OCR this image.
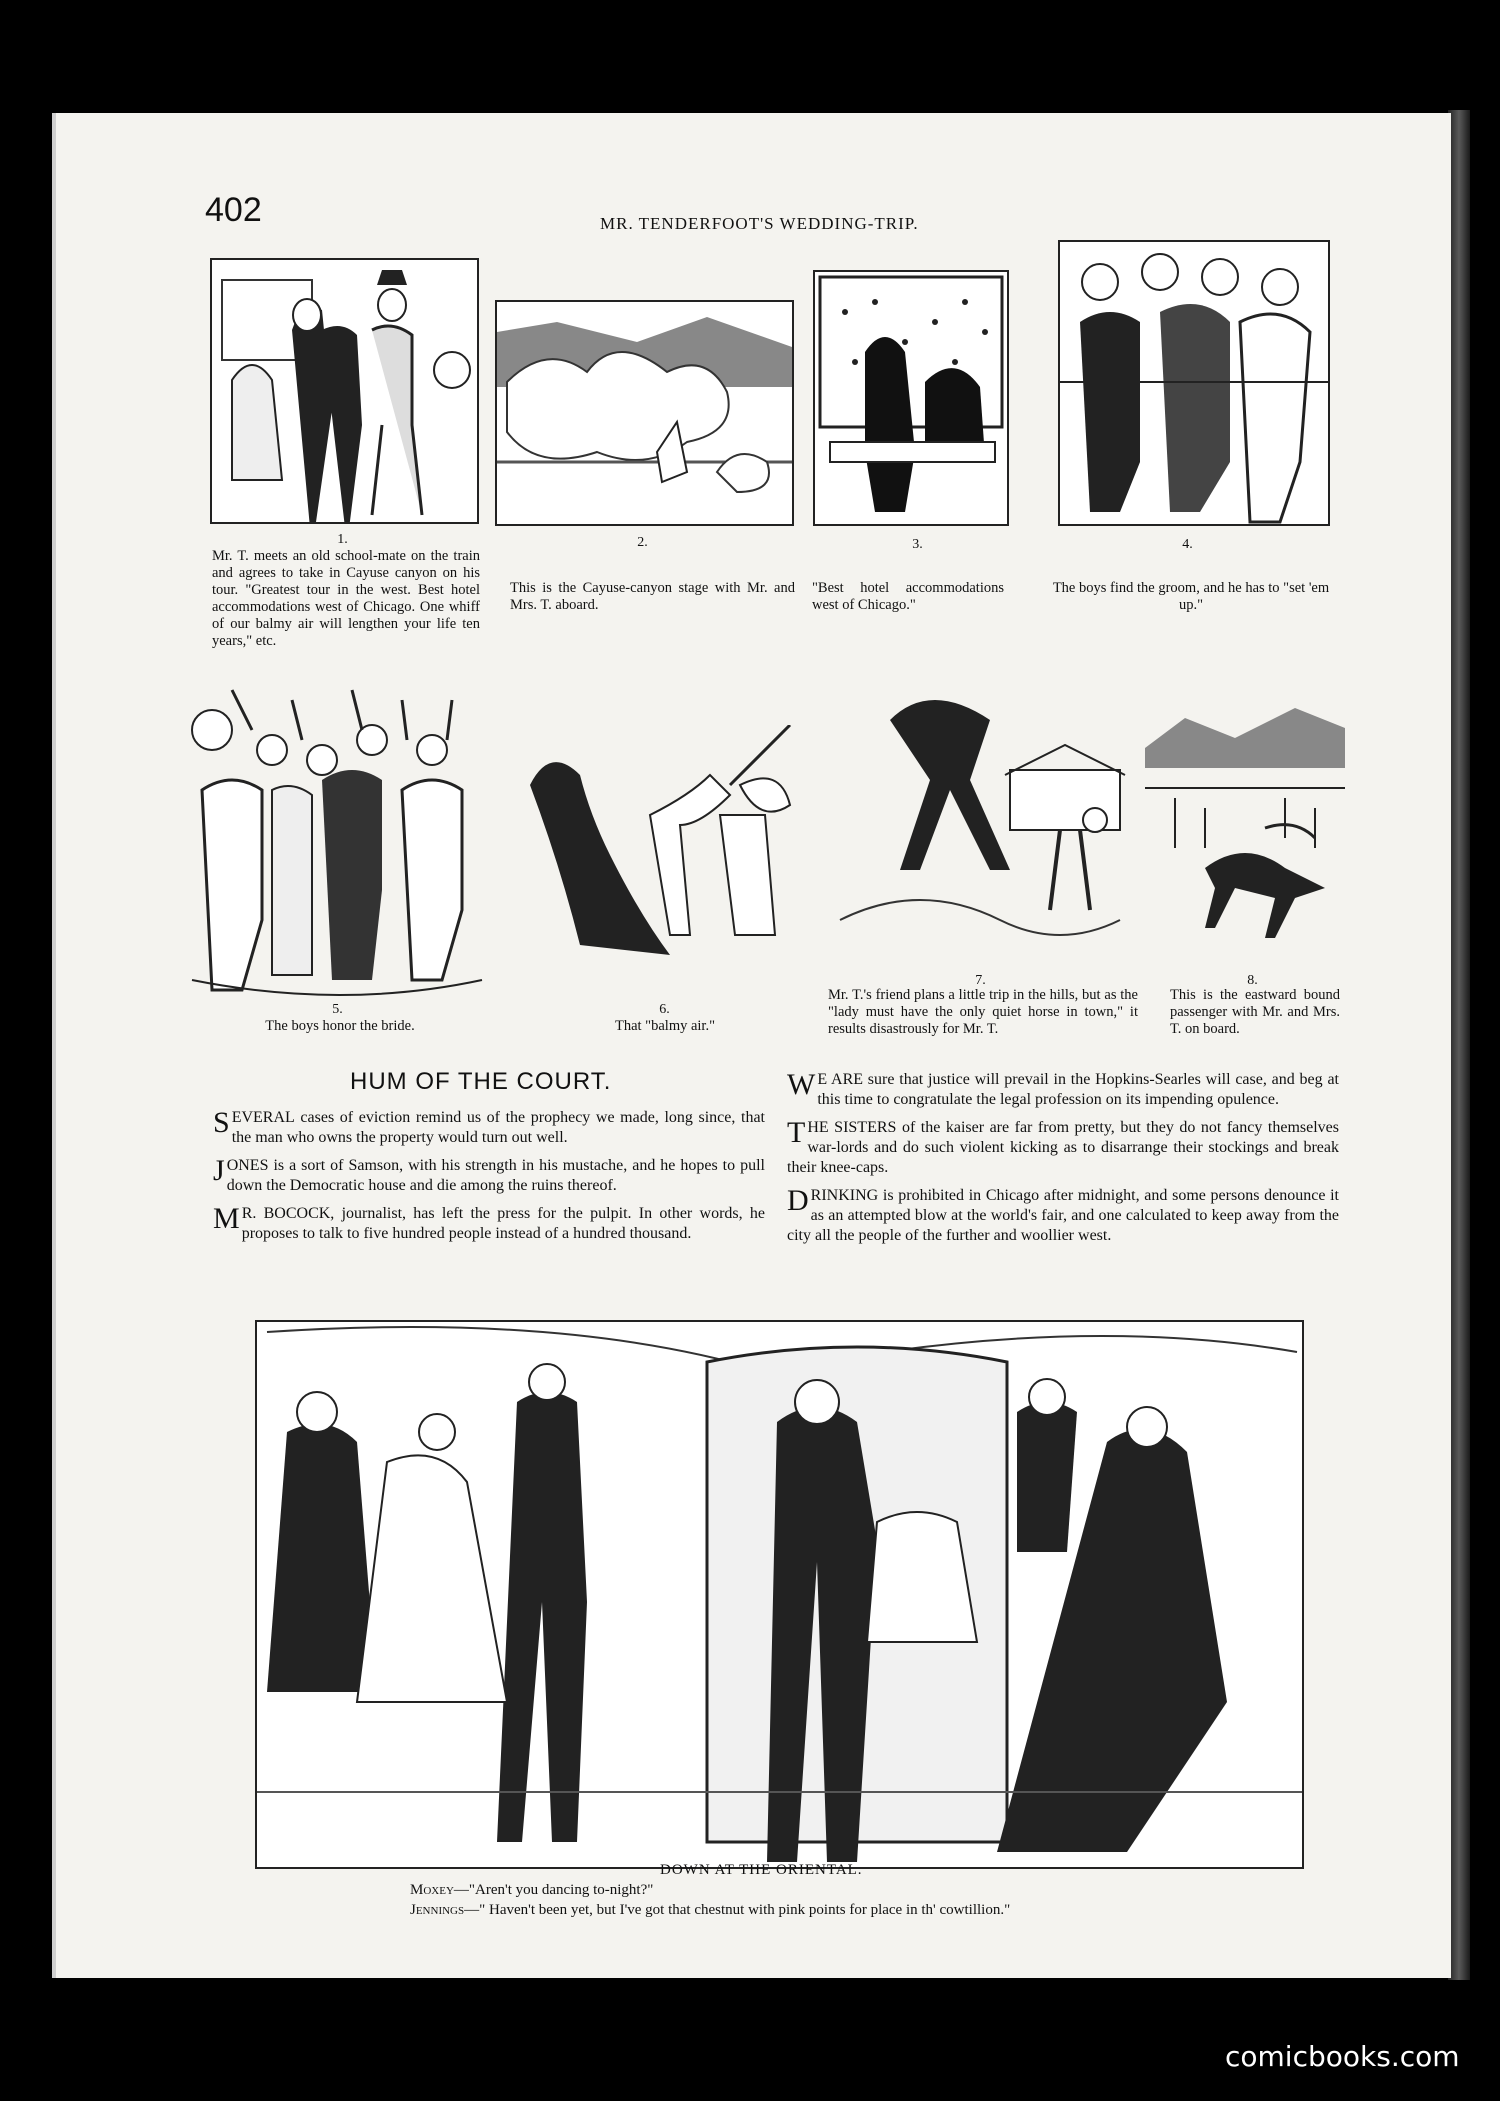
402	MR. TENDERFOOT'S WEDDING-TRIP.
1.
Mr. T. meets an old school-mate on the train and agrees to take in Cayuse canyon on his tour. "Greatest tour in the west. Best hotel accommodations west of Chicago. One whiff of our balmy air will lengthen your life ten years," etc.
2.
This is the Cayuse-canyon stage with Mr. and Mrs. T. aboard.
3.
"Best hotel accommodations west of Chicago."
4.
The boys find the groom, and he has to "set 'em up."
5.
The boys honor the bride.
6.
That "balmy air."
7.
Mr. T.'s friend plans a little trip in the hills, but as the "lady must have the only quiet horse in town," it results disastrously for Mr. T.
8.
This is the eastward bound passenger with Mr. and Mrs. T. on board.
HUM OF THE COURT.

SEVERAL cases of eviction remind us of the prophecy we made, long since, that the man who owns the property would turn out well.

JONES is a sort of Samson, with his strength in his mustache, and he hopes to pull down the Democratic house and die among the ruins thereof.

M R. BOCOCK, journalist, has left the press for the pulpit. In other words, he proposes to talk to five hundred people instead of a hundred thousand.

W E ARE sure that justice will prevail in the Hopkins-Searles will case, and beg at this time to congratulate the legal profession on its impending opulence.

THE SISTERS of the kaiser are far from pretty, but they do not fancy themselves war-lords and do such violent kicking as to disarrange their stockings and break their knee-caps.

DRINKING is prohibited in Chicago after midnight, and some persons denounce it as an attempted blow at the world's fair, and one calculated to keep away from the city all the people of the further and woollier west.

DOWN AT THE ORIENTAL.
Moxey—"Aren't you dancing to-night?"
Jennings—" Haven't been yet, but I've got that chestnut with pink points for place in th' cowtillion."
comicbooks.com
